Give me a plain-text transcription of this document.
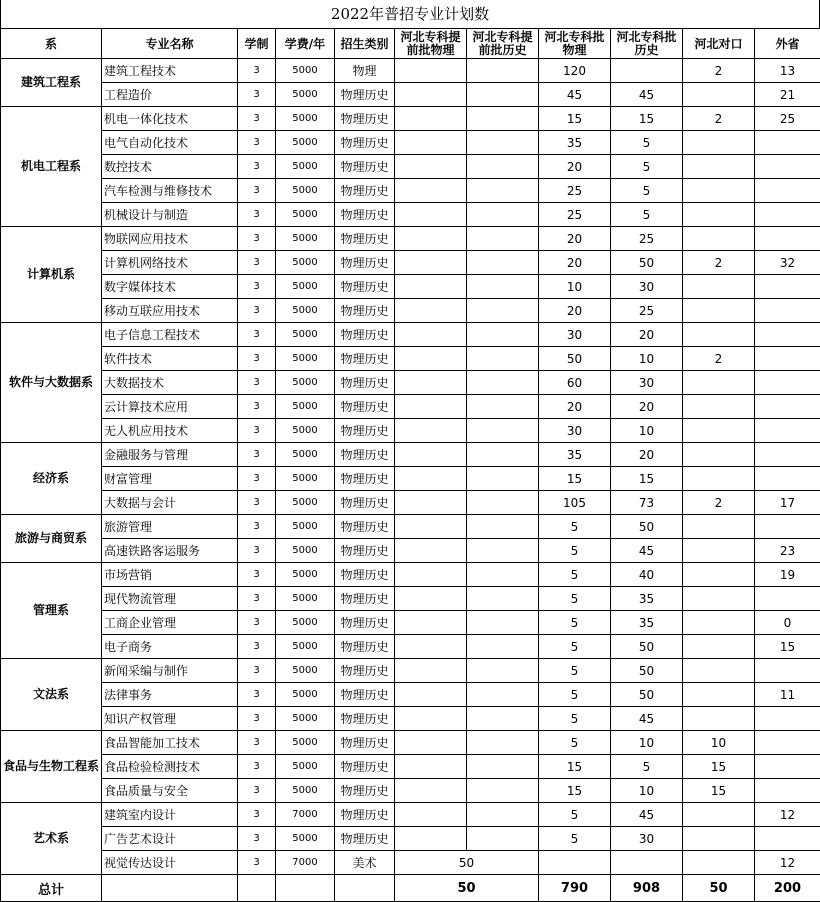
2022年普招专业计划数
系	专业名称	学制	学费/年	招生类别	河北专科提前批物理	河北专科提前批历史	河北专科批物理	河北专科批历史	河北对口	外省
建筑工程系	建筑工程技术	3	5000	物理			120		2	13
	工程造价	3	5000	物理历史			45	45		21
机电工程系	机电一体化技术	3	5000	物理历史			15	15	2	25
	电气自动化技术	3	5000	物理历史			35	5		
	数控技术	3	5000	物理历史			20	5		
	汽车检测与维修技术	3	5000	物理历史			25	5		
	机械设计与制造	3	5000	物理历史			25	5		
计算机系	物联网应用技术	3	5000	物理历史			20	25		
	计算机网络技术	3	5000	物理历史			20	50	2	32
	数字媒体技术	3	5000	物理历史			10	30		
	移动互联应用技术	3	5000	物理历史			20	25		
软件与大数据系	电子信息工程技术	3	5000	物理历史			30	20		
	软件技术	3	5000	物理历史			50	10	2	
	大数据技术	3	5000	物理历史			60	30		
	云计算技术应用	3	5000	物理历史			20	20		
	无人机应用技术	3	5000	物理历史			30	10		
经济系	金融服务与管理	3	5000	物理历史			35	20		
	财富管理	3	5000	物理历史			15	15		
	大数据与会计	3	5000	物理历史			105	73	2	17
旅游与商贸系	旅游管理	3	5000	物理历史			5	50		
	高速铁路客运服务	3	5000	物理历史			5	45		23
管理系	市场营销	3	5000	物理历史			5	40		19
	现代物流管理	3	5000	物理历史			5	35		
	工商企业管理	3	5000	物理历史			5	35		0
	电子商务	3	5000	物理历史			5	50		15
文法系	新闻采编与制作	3	5000	物理历史			5	50		
	法律事务	3	5000	物理历史			5	50		11
	知识产权管理	3	5000	物理历史			5	45		
食品与生物工程系	食品智能加工技术	3	5000	物理历史			5	10	10	
	食品检验检测技术	3	5000	物理历史			15	5	15	
	食品质量与安全	3	5000	物理历史			15	10	15	
艺术系	建筑室内设计	3	7000	物理历史			5	45		12
	广告艺术设计	3	5000	物理历史			5	30		
	视觉传达设计	3	7000	美术	50					12
总计					50		790	908	50	200
